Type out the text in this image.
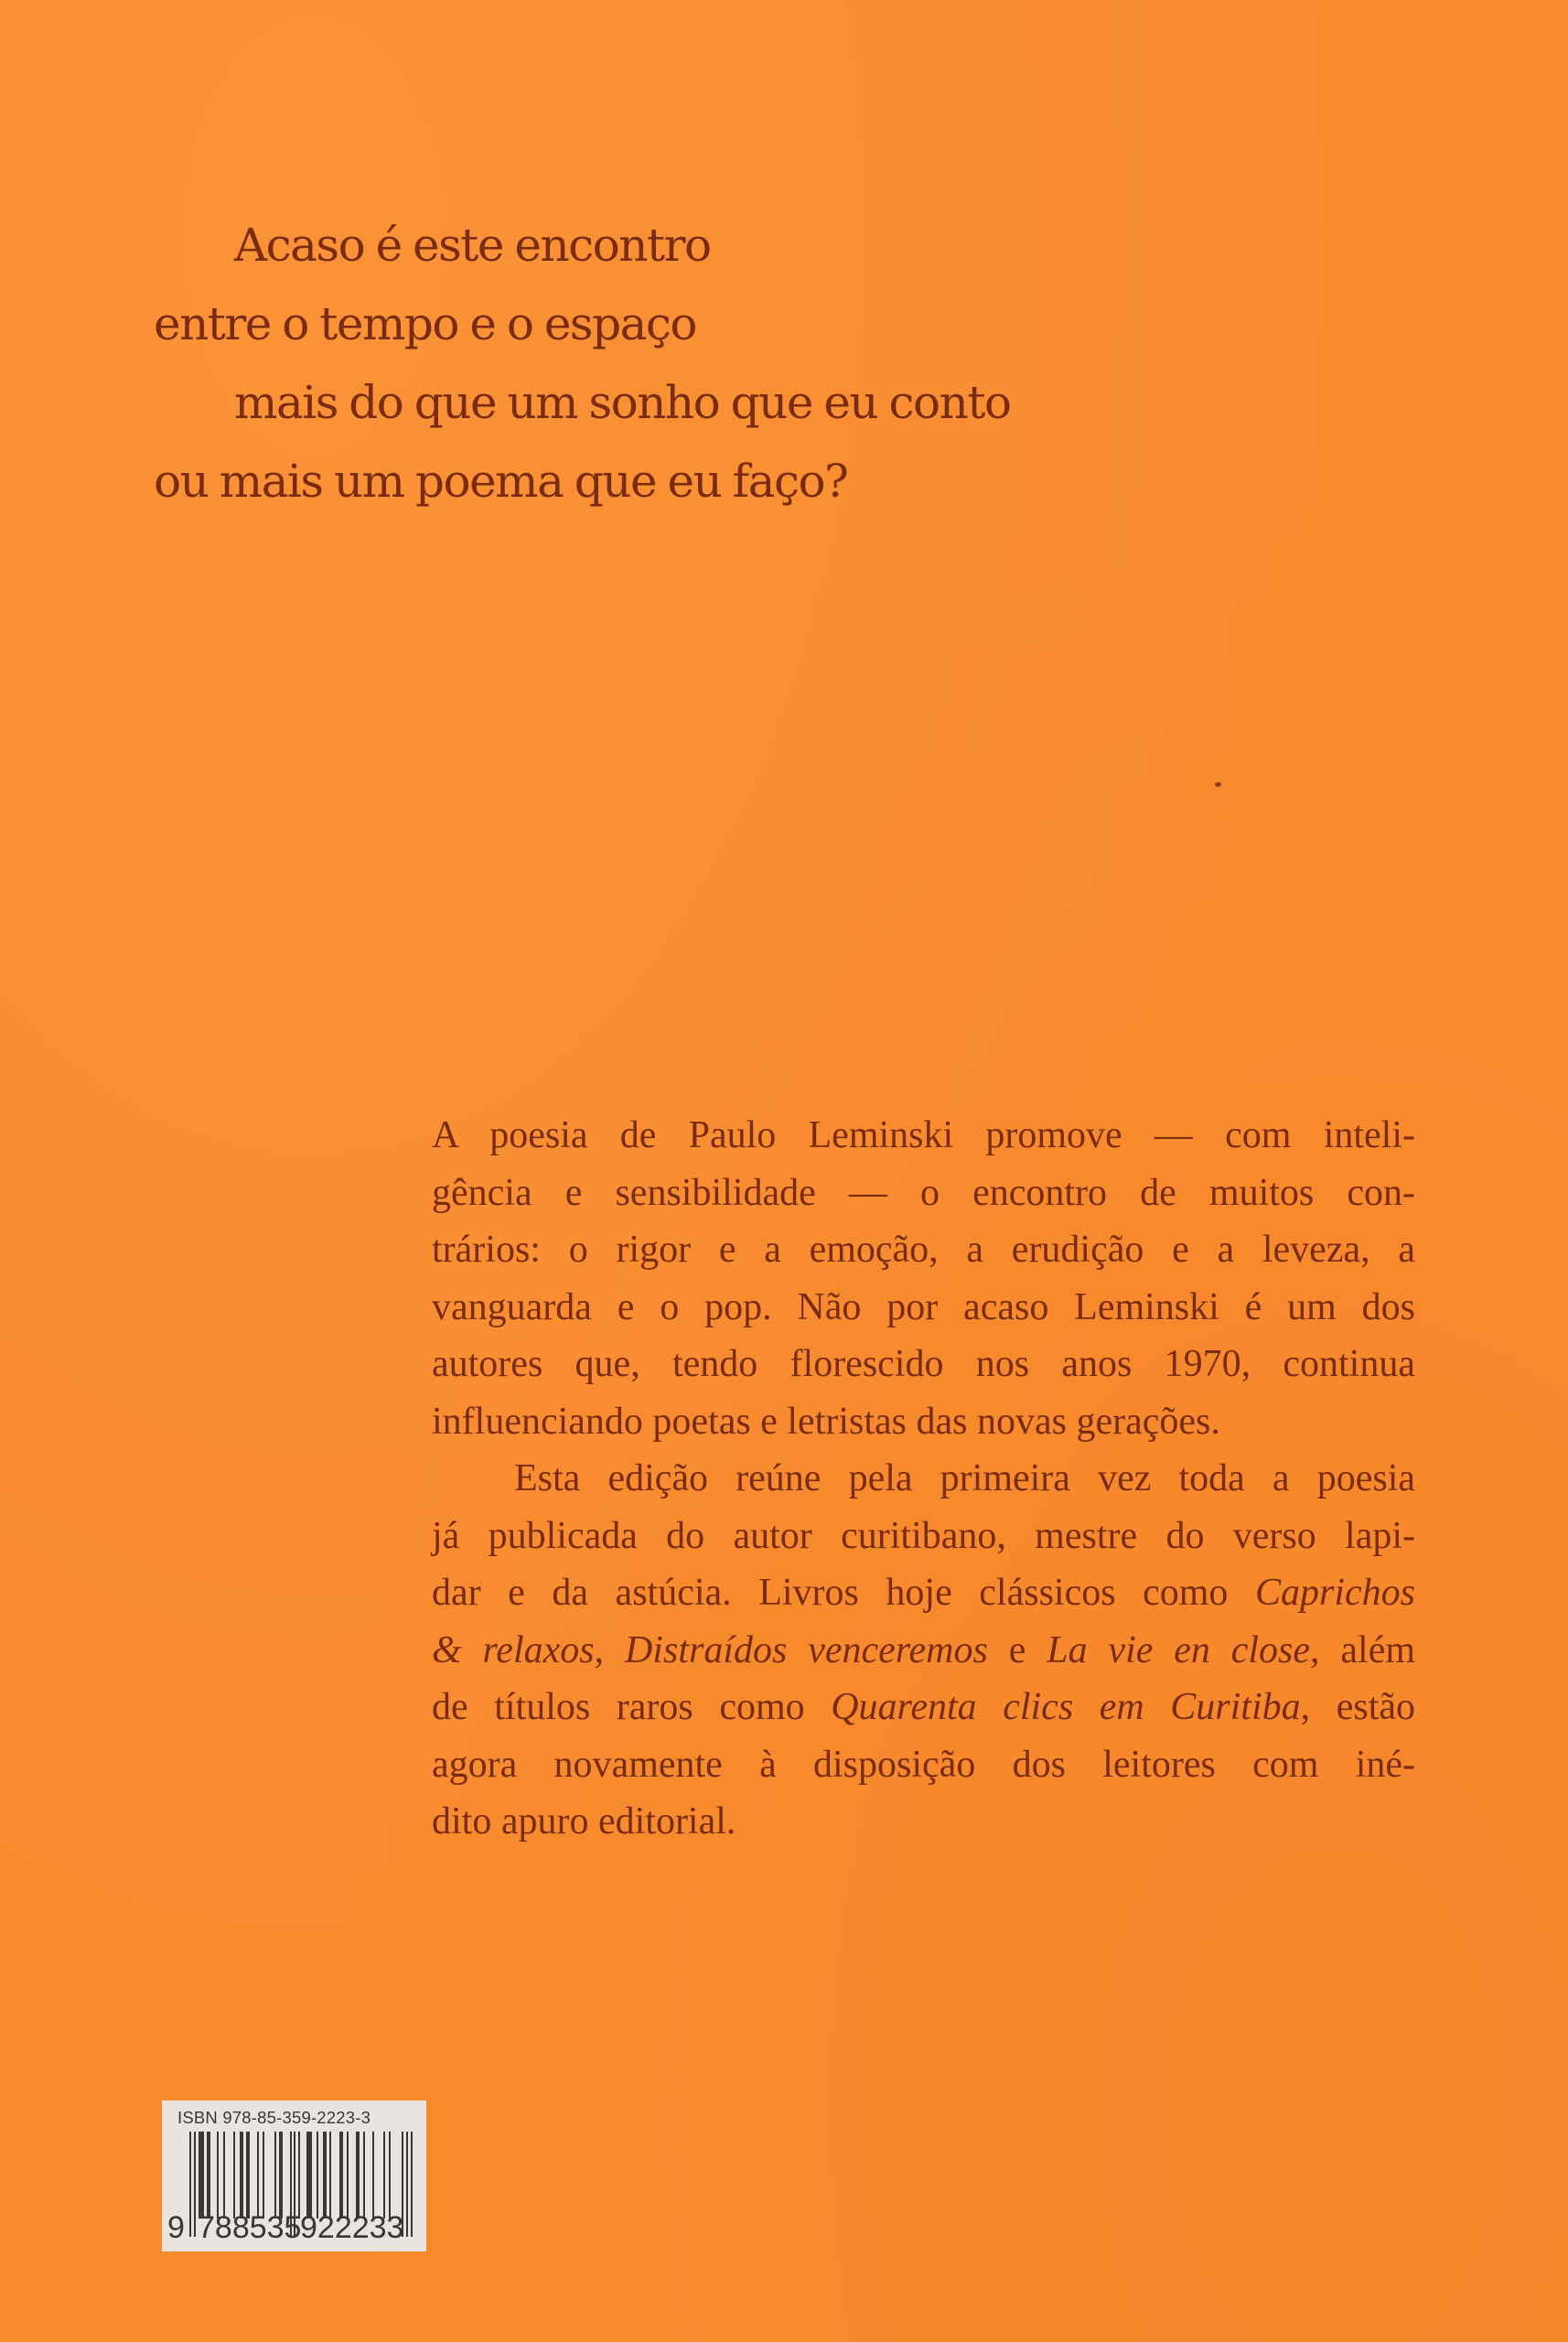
Acaso é este encontro
entre o tempo e o espaço
mais do que um sonho que eu conto
ou mais um poema que eu faço?
A poesia de Paulo Leminski promove — com inteli-
gência e sensibilidade — o encontro de muitos con-
trários: o rigor e a emoção, a erudição e a leveza, a
vanguarda e o pop. Não por acaso Leminski é um dos
autores que, tendo florescido nos anos 1970, continua
influenciando poetas e letristas das novas gerações.
Esta edição reúne pela primeira vez toda a poesia
já publicada do autor curitibano, mestre do verso lapi-
dar e da astúcia. Livros hoje clássicos como Caprichos
& relaxos, Distraídos venceremos e La vie en close, além
de títulos raros como Quarenta clics em Curitiba, estão
agora novamente à disposição dos leitores com iné-
dito apuro editorial.
ISBN 978-85-359-2223-3
9 788535
922233
